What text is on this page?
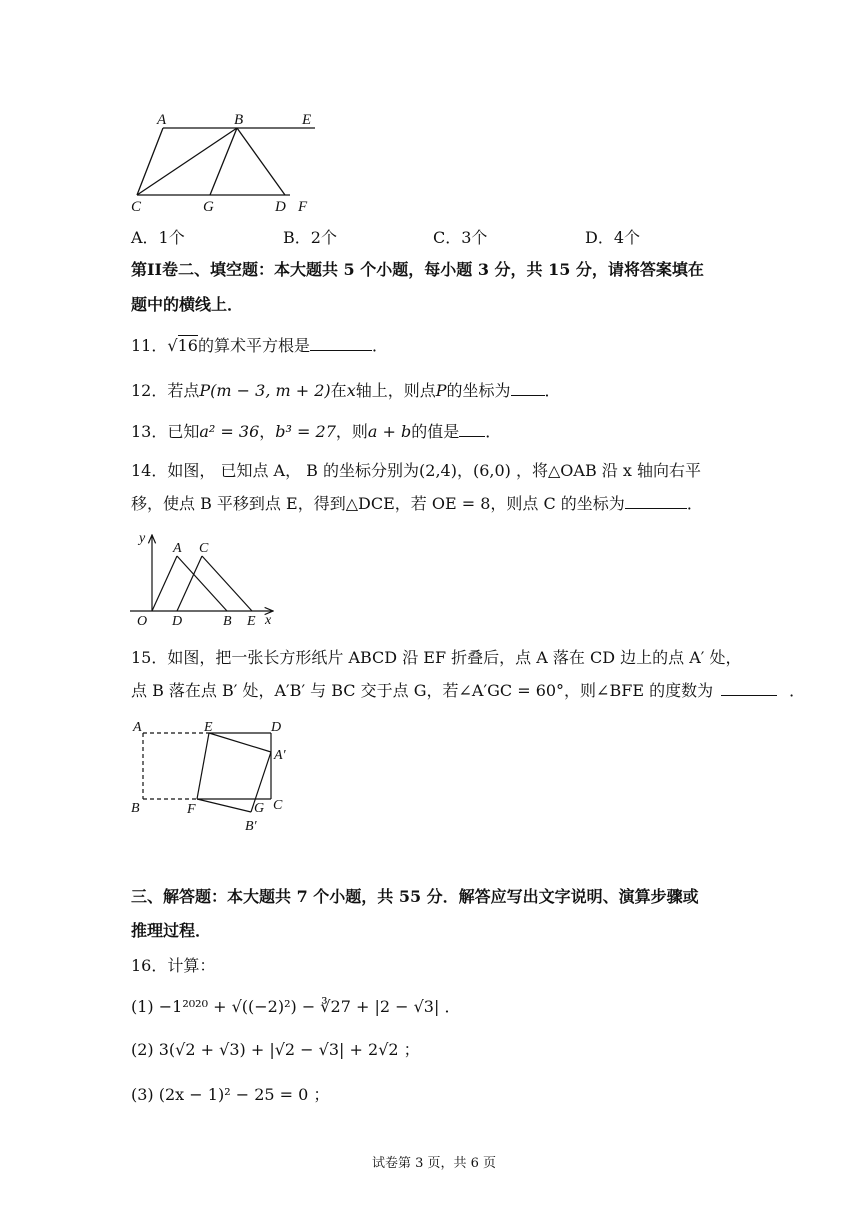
A	B	E
C	G	D F
A．1个	B．2个	C．3个	D．4个
第II卷二、填空题：本大题共 5 个小题，每小题 3 分，共 15 分，请将答案填在
题中的横线上．
11．√16的算术平方根是	．
12．若点P(m − 3, m + 2)在x轴上，则点P的坐标为 ．
13．已知a² = 36，b³ = 27，则a + b的值是 ．
14．如图， 已知点 A， B 的坐标分别为(2,4)，(6,0) ，将△OAB 沿 x 轴向右平
移，使点 B 平移到点 E，得到△DCE，若 OE = 8，则点 C 的坐标为	．
y
x
O
A C
D	B E
15．如图，把一张长方形纸片 ABCD 沿 EF 折叠后，点 A 落在 CD 边上的点 A′ 处，
点 B 落在点 B′ 处，A′B′ 与 BC 交于点 G，若∠A′GC = 60°，则∠BFE 的度数为	．
A	E	D
A′
B	F	G C
B′
三、解答题：本大题共 7 个小题，共 55 分．解答应写出文字说明、演算步骤或
推理过程．
16．计算：
(1) −1²⁰²⁰ + √((−2)²) − ∛27 + |2 − √3| ．
(2) 3(√2 + √3) + |√2 − √3| + 2√2 ；
(3) (2x − 1)² − 25 = 0 ；
试卷第 3 页，共 6 页
